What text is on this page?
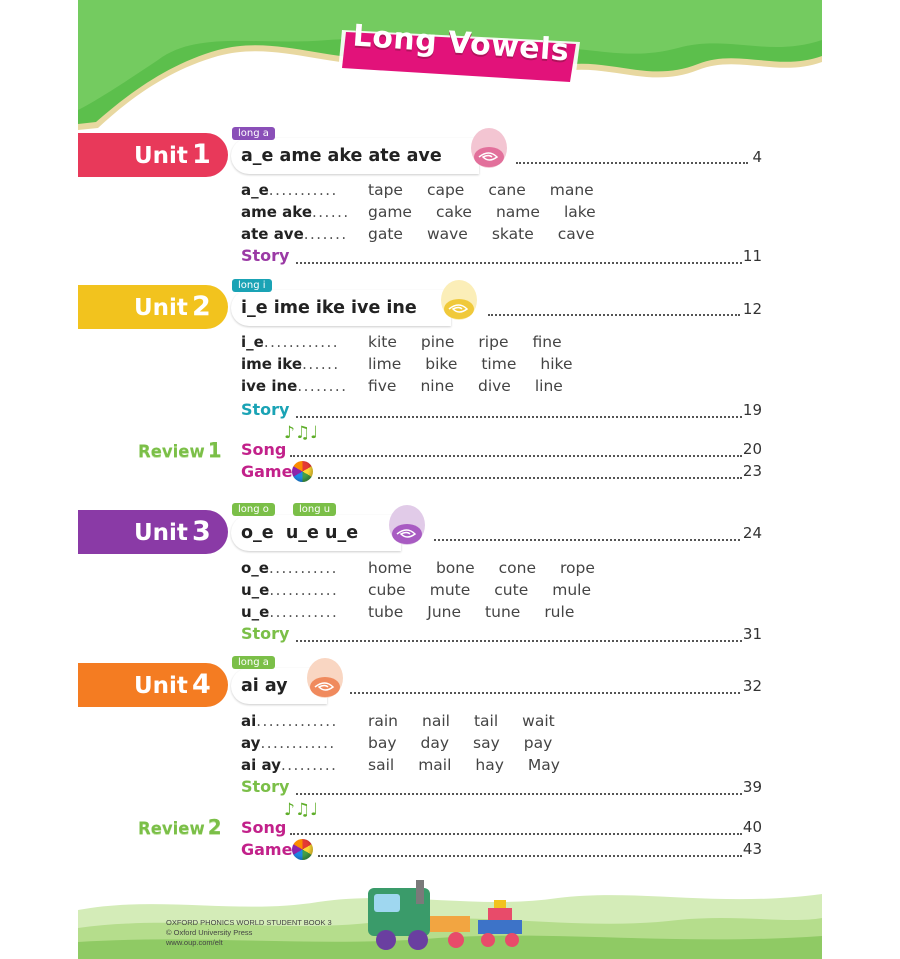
Long Vowels
Unit 1
long a
a_e ame ake ate ave	4
a_e........... tape cape cane mane
ame ake...... game cake name lake
ate ave....... gate wave skate cave
Story	11
Unit 2
long i
i_e ime ike ive ine	12
i_e............ kite pine ripe fine
ime ike...... lime bike time hike
ive ine........ five nine dive line
Story	19
Review 1
♪♫♩
Song	20
Game	23
Unit 3
long o	long u
o_e  u_e u_e	24
o_e........... home bone cone rope
u_e........... cube mute cute mule
u_e........... tube June tune rule
Story	31
Unit 4
long a
ai ay	32
ai............. rain nail tail wait
ay............ bay day say pay
ai ay......... sail mail hay May
Story	39
Review 2
♪♫♩
Song	40
Game	43
OXFORD PHONICS WORLD STUDENT BOOK 3
© Oxford University Press
www.oup.com/elt
